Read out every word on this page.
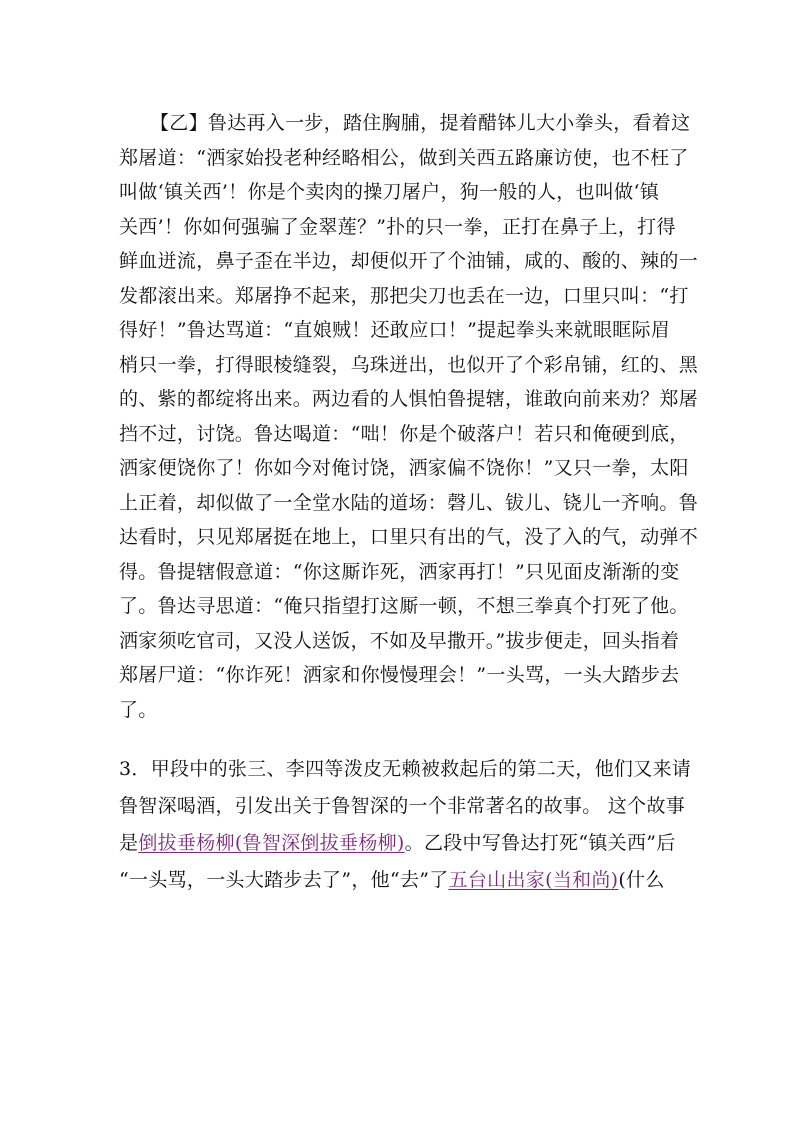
【乙】鲁达再入一步，踏住胸脯，提着醋钵儿大小拳头，看着这
郑屠道：“洒家始投老种经略相公，做到关西五路廉访使，也不枉了
叫做‘镇关西’！你是个卖肉的操刀屠户，狗一般的人，也叫做‘镇
关西’！你如何强骗了金翠莲？”扑的只一拳，正打在鼻子上，打得
鲜血迸流，鼻子歪在半边，却便似开了个油铺，咸的、酸的、辣的一
发都滚出来。郑屠挣不起来，那把尖刀也丢在一边，口里只叫：“打
得好！”鲁达骂道：“直娘贼！还敢应口！”提起拳头来就眼眶际眉
梢只一拳，打得眼棱缝裂，乌珠迸出，也似开了个彩帛铺，红的、黑
的、紫的都绽将出来。两边看的人惧怕鲁提辖，谁敢向前来劝？郑屠
挡不过，讨饶。鲁达喝道：“咄！你是个破落户！若只和俺硬到底，
洒家便饶你了！你如今对俺讨饶，洒家偏不饶你！”又只一拳，太阳
上正着，却似做了一全堂水陆的道场：磬儿、钹儿、铙儿一齐响。鲁
达看时，只见郑屠挺在地上，口里只有出的气，没了入的气，动弹不
得。鲁提辖假意道：“你这厮诈死，洒家再打！”只见面皮渐渐的变
了。鲁达寻思道：“俺只指望打这厮一顿，不想三拳真个打死了他。
洒家须吃官司，又没人送饭，不如及早撒开。”拔步便走，回头指着
郑屠尸道：“你诈死！洒家和你慢慢理会！”一头骂，一头大踏步去
了。
3．甲段中的张三、李四等泼皮无赖被救起后的第二天，他们又来请
鲁智深喝酒，引发出关于鲁智深的一个非常著名的故事。 这个故事
是倒拔垂杨柳(鲁智深倒拔垂杨柳)。乙段中写鲁达打死“镇关西”后
“一头骂，一头大踏步去了”，他“去”了五台山出家(当和尚)(什么
